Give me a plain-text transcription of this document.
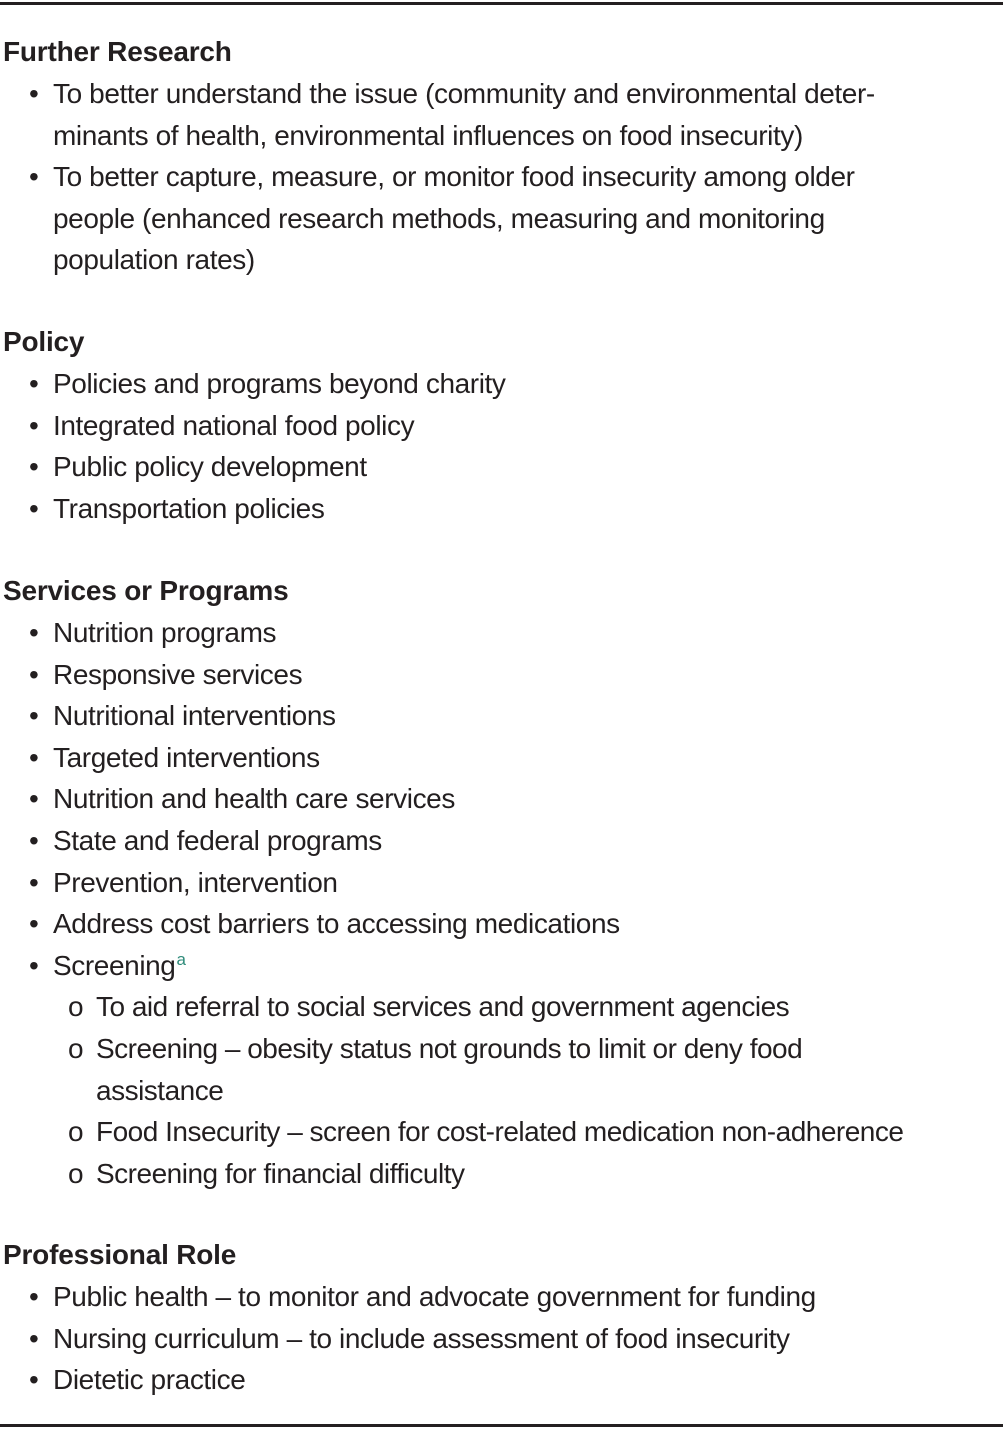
Further Research
• To better understand the issue (community and environmental deter-
minants of health, environmental influences on food insecurity)
• To better capture, measure, or monitor food insecurity among older
people (enhanced research methods, measuring and monitoring
population rates)
Policy
• Policies and programs beyond charity
• Integrated national food policy
• Public policy development
• Transportation policies
Services or Programs
• Nutrition programs
• Responsive services
• Nutritional interventions
• Targeted interventions
• Nutrition and health care services
• State and federal programs
• Prevention, intervention
• Address cost barriers to accessing medications
• Screening$^a$
o To aid referral to social services and government agencies
o Screening – obesity status not grounds to limit or deny food
assistance
o Food Insecurity – screen for cost-related medication non-adherence
o Screening for financial difficulty
Professional Role
• Public health – to monitor and advocate government for funding
• Nursing curriculum – to include assessment of food insecurity
• Dietetic practice
